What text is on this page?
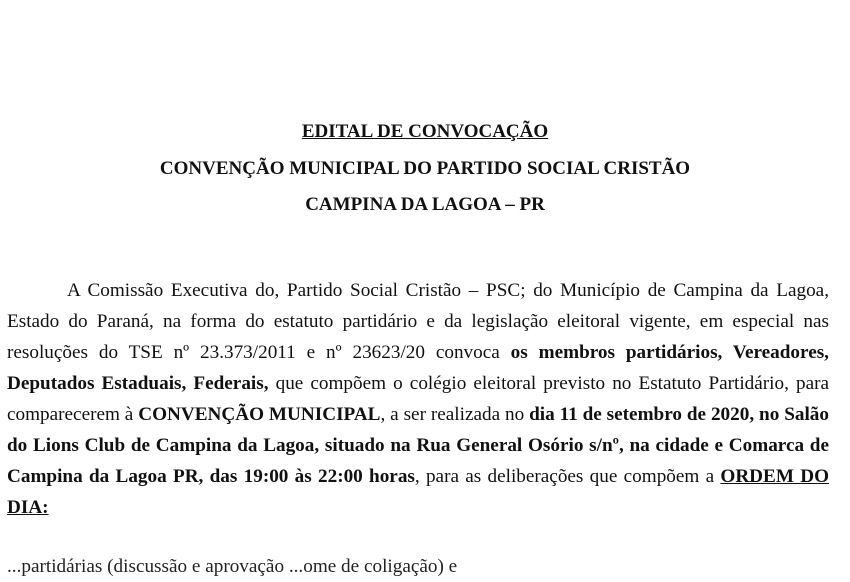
EDITAL DE CONVOCAÇÃO
CONVENÇÃO MUNICIPAL DO PARTIDO SOCIAL CRISTÃO
CAMPINA DA LAGOA – PR

A Comissão Executiva do, Partido Social Cristão – PSC; do Município de Campina da Lagoa, Estado do Paraná, na forma do estatuto partidário e da legislação eleitoral vigente, em especial nas resoluções do TSE nº 23.373/2011 e nº 23623/20 convoca os membros partidários, Vereadores, Deputados Estaduais, Federais, que compõem o colégio eleitoral previsto no Estatuto Partidário, para comparecerem à CONVENÇÃO MUNICIPAL, a ser realizada no dia 11 de setembro de 2020, no Salão do Lions Club de Campina da Lagoa, situado na Rua General Osório s/nº, na cidade e Comarca de Campina da Lagoa PR, das 19:00 às 22:00 horas, para as deliberações que compõem a ORDEM DO DIA:

...partidárias (discussão e aprovação ...ome de coligação) e
